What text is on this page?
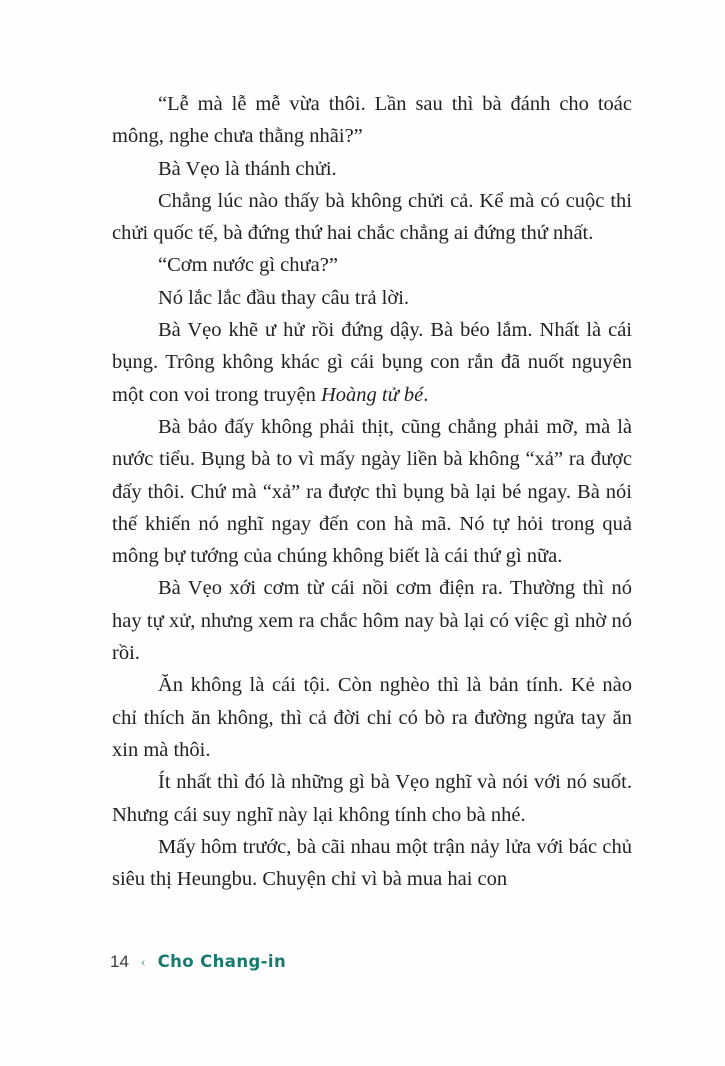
“Lễ mà lễ mễ vừa thôi. Lần sau thì bà đánh cho toác mông, nghe chưa thằng nhãi?”

Bà Vẹo là thánh chửi.

Chẳng lúc nào thấy bà không chửi cả. Kể mà có cuộc thi chửi quốc tế, bà đứng thứ hai chắc chẳng ai đứng thứ nhất.

“Cơm nước gì chưa?”

Nó lắc lắc đầu thay câu trả lời.

Bà Vẹo khẽ ư hử rồi đứng dậy. Bà béo lắm. Nhất là cái bụng. Trông không khác gì cái bụng con rắn đã nuốt nguyên một con voi trong truyện Hoàng tử bé.

Bà bảo đấy không phải thịt, cũng chẳng phải mỡ, mà là nước tiểu. Bụng bà to vì mấy ngày liền bà không “xả” ra được đấy thôi. Chứ mà “xả” ra được thì bụng bà lại bé ngay. Bà nói thế khiến nó nghĩ ngay đến con hà mã. Nó tự hỏi trong quả mông bự tướng của chúng không biết là cái thứ gì nữa.

Bà Vẹo xới cơm từ cái nồi cơm điện ra. Thường thì nó hay tự xử, nhưng xem ra chắc hôm nay bà lại có việc gì nhờ nó rồi.

Ăn không là cái tội. Còn nghèo thì là bản tính. Kẻ nào chỉ thích ăn không, thì cả đời chỉ có bò ra đường ngửa tay ăn xin mà thôi.

Ít nhất thì đó là những gì bà Vẹo nghĩ và nói với nó suốt. Nhưng cái suy nghĩ này lại không tính cho bà nhé.

Mấy hôm trước, bà cãi nhau một trận nảy lửa với bác chủ siêu thị Heungbu. Chuyện chỉ vì bà mua hai con

14 ‹ Cho Chang-in
